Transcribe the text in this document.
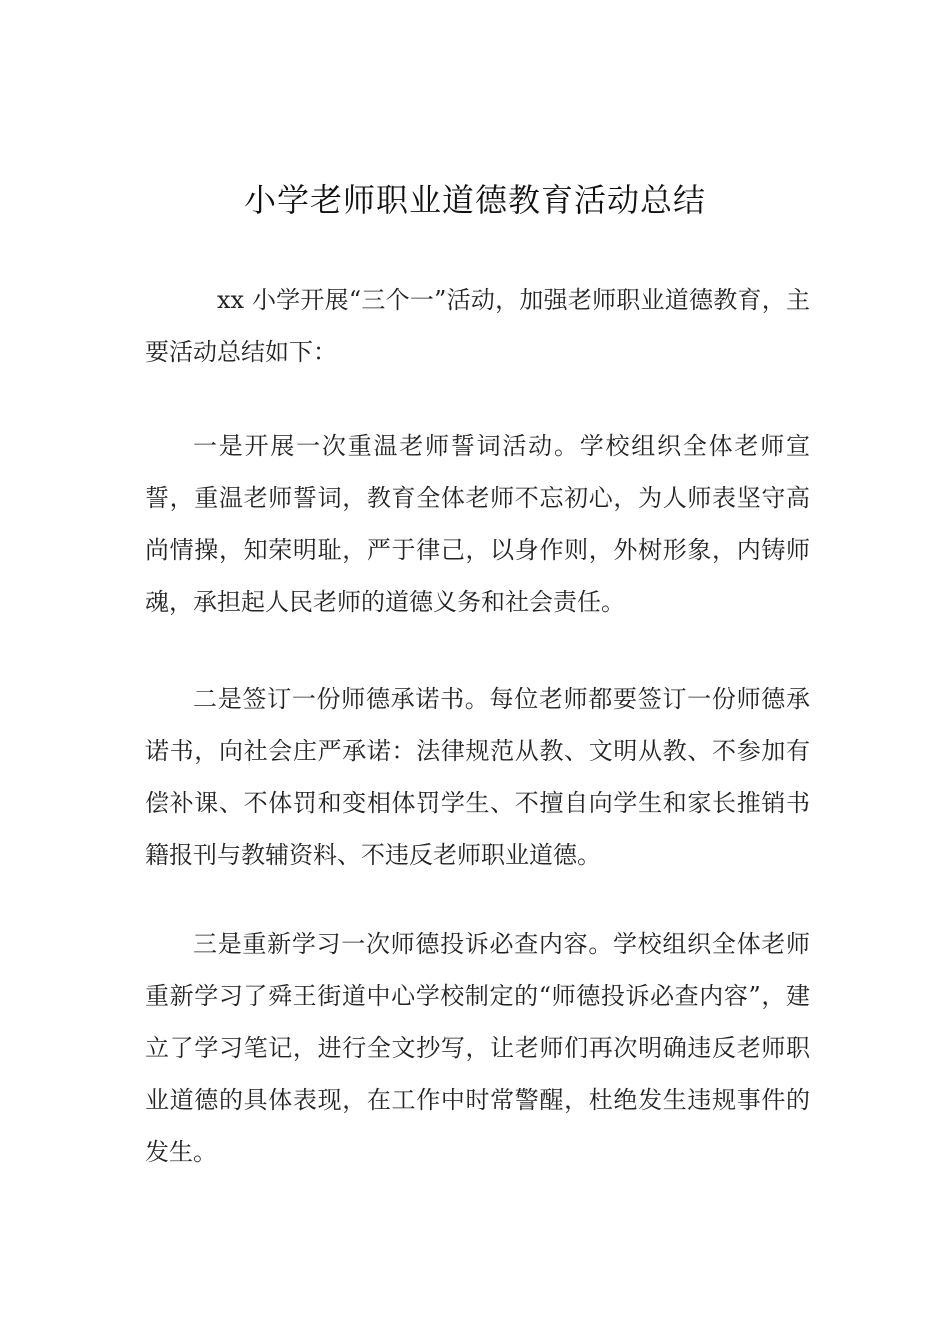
小学老师职业道德教育活动总结

xx 小学开展“三个一”活动，加强老师职业道德教育，主要活动总结如下：

一是开展一次重温老师誓词活动。学校组织全体老师宣誓，重温老师誓词，教育全体老师不忘初心，为人师表坚守高尚情操，知荣明耻，严于律己，以身作则，外树形象，内铸师魂，承担起人民老师的道德义务和社会责任。

二是签订一份师德承诺书。每位老师都要签订一份师德承诺书，向社会庄严承诺：法律规范从教、文明从教、不参加有偿补课、不体罚和变相体罚学生、不擅自向学生和家长推销书籍报刊与教辅资料、不违反老师职业道德。

三是重新学习一次师德投诉必查内容。学校组织全体老师重新学习了舜王街道中心学校制定的“师德投诉必查内容”，建立了学习笔记，进行全文抄写，让老师们再次明确违反老师职业道德的具体表现，在工作中时常警醒，杜绝发生违规事件的发生。
